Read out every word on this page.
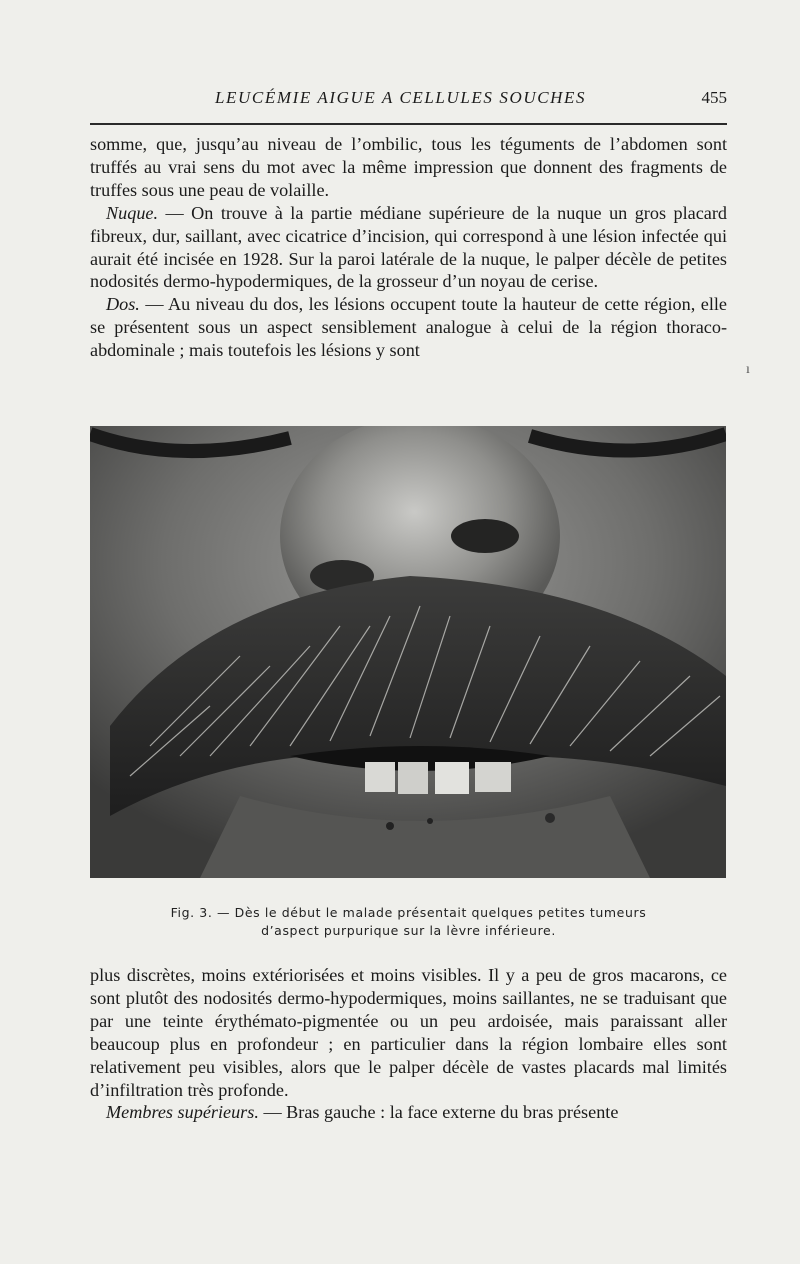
LEUCÉMIE AIGUE A CELLULES SOUCHES	455

somme, que, jusqu’au niveau de l’ombilic, tous les téguments de l’abdomen sont truffés au vrai sens du mot avec la même impression que donnent des fragments de truffes sous une peau de volaille.

Nuque. — On trouve à la partie médiane supérieure de la nuque un gros placard fibreux, dur, saillant, avec cicatrice d’incision, qui correspond à une lésion infectée qui aurait été incisée en 1928. Sur la paroi latérale de la nuque, le palper décèle de petites nodosités dermo-hypodermiques, de la grosseur d’un noyau de cerise.

Dos. — Au niveau du dos, les lésions occupent toute la hauteur de cette région, elle se présentent sous un aspect sensiblement analogue à celui de la région thoraco-abdominale ; mais toutefois les lésions y sont

ı
Fig. 3. — Dès le début le malade présentait quelques petites tumeurs
d’aspect purpurique sur la lèvre inférieure.

plus discrètes, moins extériorisées et moins visibles. Il y a peu de gros macarons, ce sont plutôt des nodosités dermo-hypodermiques, moins saillantes, ne se traduisant que par une teinte érythémato-pigmentée ou un peu ardoisée, mais paraissant aller beaucoup plus en profondeur ; en particulier dans la région lombaire elles sont relativement peu visibles, alors que le palper décèle de vastes placards mal limités d’infiltration très profonde.

Membres supérieurs. — Bras gauche : la face externe du bras présente
